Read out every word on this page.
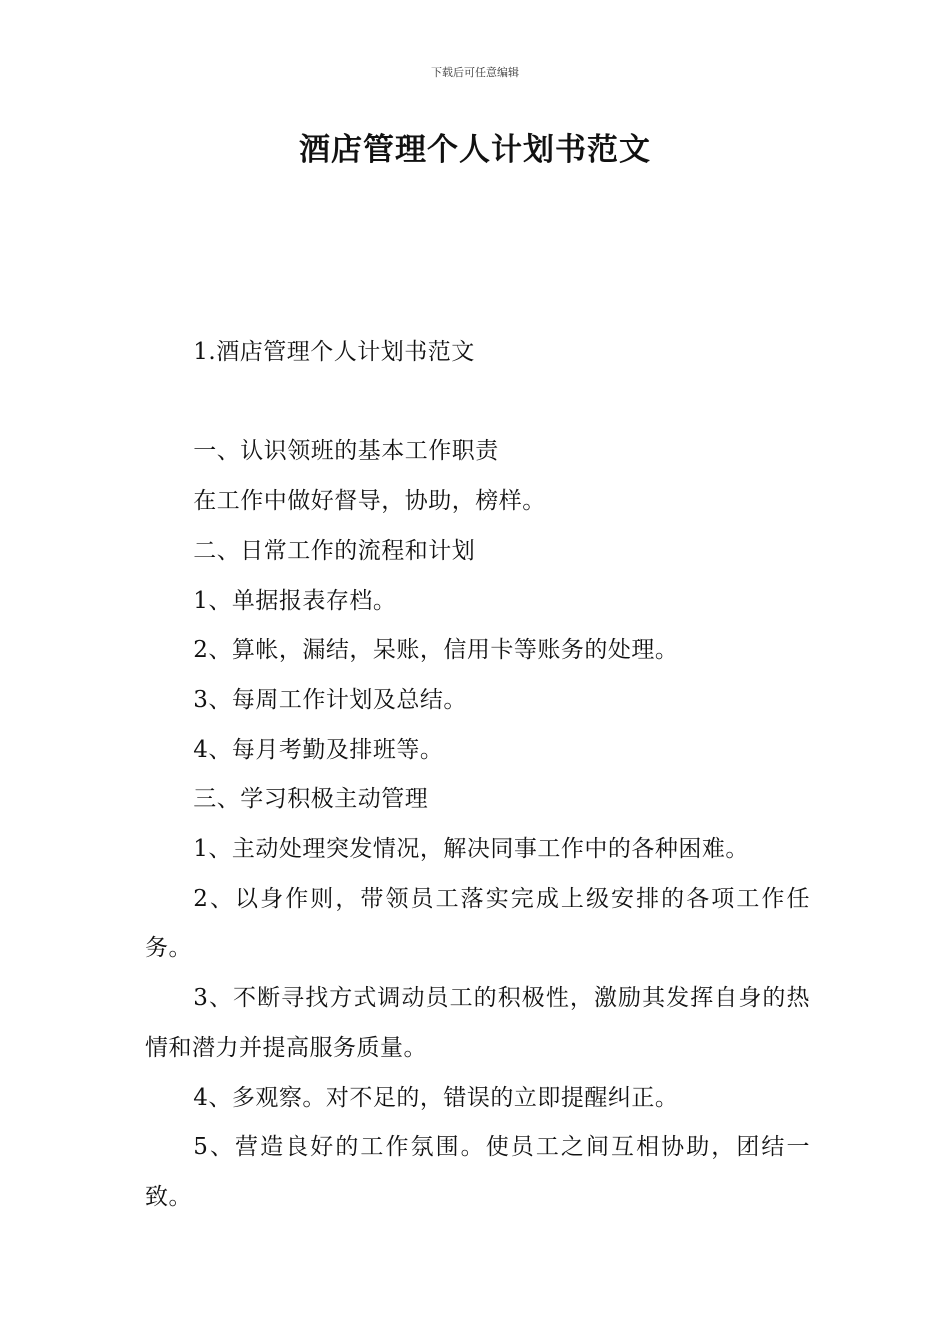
下载后可任意编辑
酒店管理个人计划书范文

1.酒店管理个人计划书范文

一、认识领班的基本工作职责

在工作中做好督导，协助，榜样。

二、日常工作的流程和计划

1、单据报表存档。

2、算帐，漏结，呆账，信用卡等账务的处理。

3、每周工作计划及总结。

4、每月考勤及排班等。

三、学习积极主动管理

1、主动处理突发情况，解决同事工作中的各种困难。

2、以身作则，带领员工落实完成上级安排的各项工作任务。

3、不断寻找方式调动员工的积极性，激励其发挥自身的热情和潜力并提高服务质量。

4、多观察。对不足的，错误的立即提醒纠正。

5、营造良好的工作氛围。使员工之间互相协助，团结一致。
